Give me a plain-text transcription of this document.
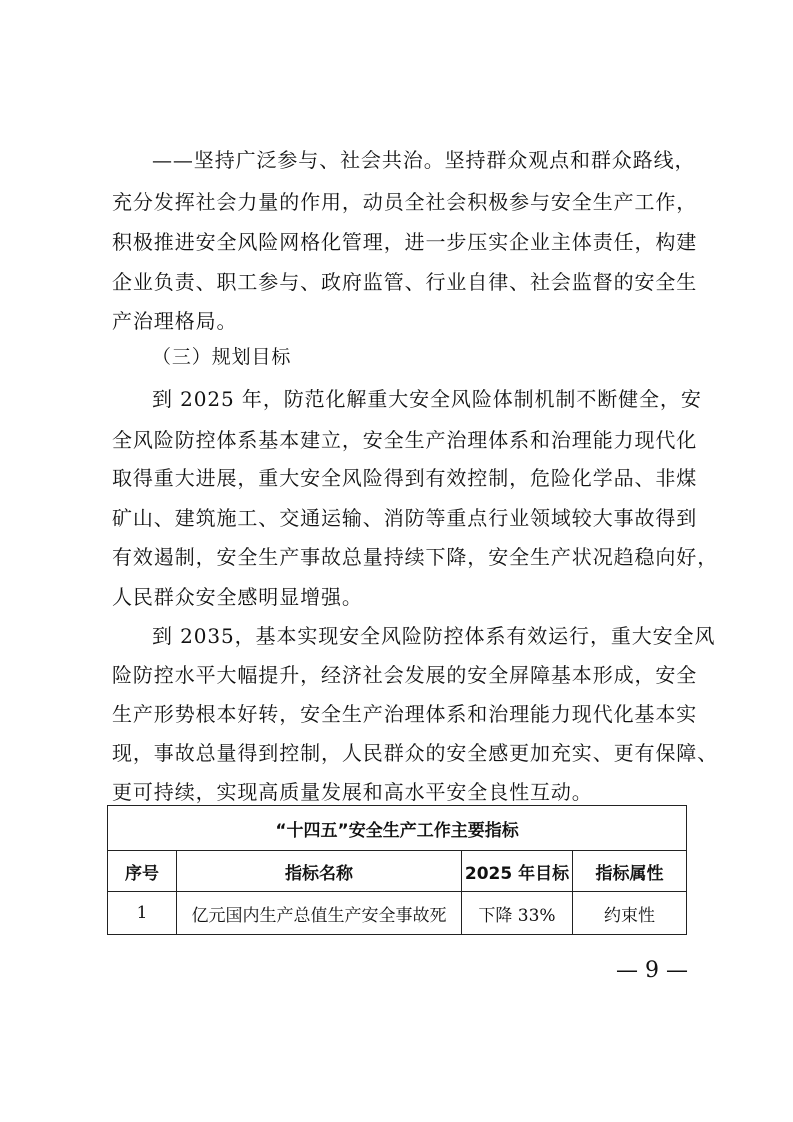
——坚持广泛参与、社会共治。坚持群众观点和群众路线，
充分发挥社会力量的作用，动员全社会积极参与安全生产工作，
积极推进安全风险网格化管理，进一步压实企业主体责任，构建
企业负责、职工参与、政府监管、行业自律、社会监督的安全生
产治理格局。
（三）规划目标
到 2025 年，防范化解重大安全风险体制机制不断健全，安
全风险防控体系基本建立，安全生产治理体系和治理能力现代化
取得重大进展，重大安全风险得到有效控制，危险化学品、非煤
矿山、建筑施工、交通运输、消防等重点行业领域较大事故得到
有效遏制，安全生产事故总量持续下降，安全生产状况趋稳向好，
人民群众安全感明显增强。
到 2035，基本实现安全风险防控体系有效运行，重大安全风
险防控水平大幅提升，经济社会发展的安全屏障基本形成，安全
生产形势根本好转，安全生产治理体系和治理能力现代化基本实
现，事故总量得到控制，人民群众的安全感更加充实、更有保障、
更可持续，实现高质量发展和高水平安全良性互动。
“十四五”安全生产工作主要指标			
序号	指标名称	2025 年目标	指标属性
1	亿元国内生产总值生产安全事故死	下降 33%	约束性
— 9 —
